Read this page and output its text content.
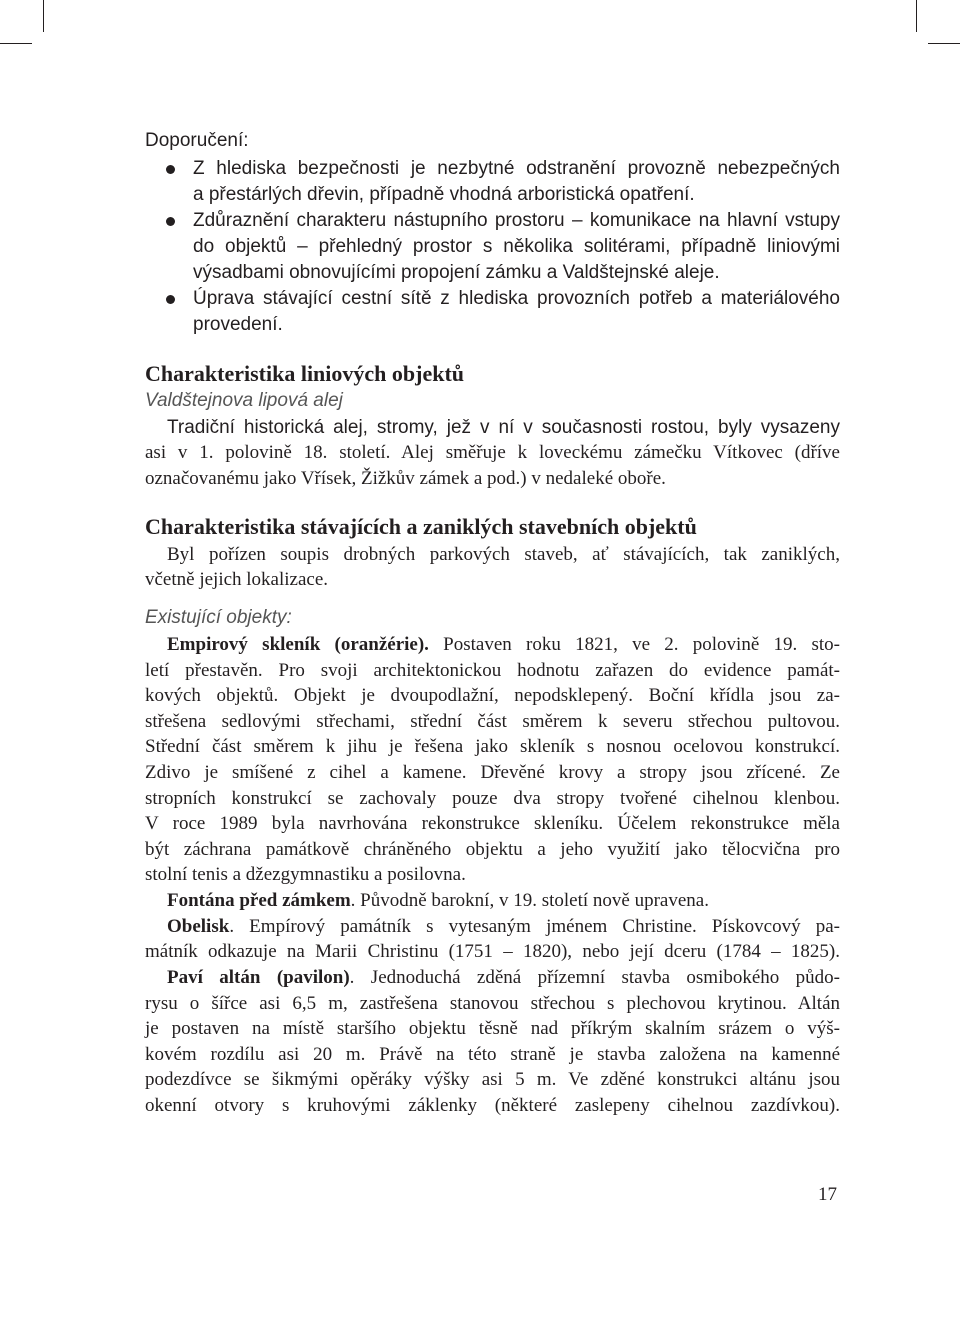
Doporučení:
Z hlediska bezpečnosti je nezbytné odstranění provozně nebezpečných
a přestárlých dřevin, případně vhodná arboristická opatření.
Zdůraznění charakteru nástupního prostoru – komunikace na hlavní vstupy
do objektů – přehledný prostor s několika solitérami, případně liniovými
výsadbami obnovujícími propojení zámku a Valdštejnské aleje.
Úprava stávající cestní sítě z hlediska provozních potřeb a materiálového
provedení.
Charakteristika liniových objektů
Valdštejnova lipová alej
Tradiční historická alej, stromy, jež v ní v současnosti rostou, byly vysazeny
asi v 1. polovině 18. století. Alej směřuje k loveckému zámečku Vítkovec (dříve
označovanému jako Vřísek, Žižkův zámek a pod.) v nedaleké oboře.
Charakteristika stávajících a zaniklých stavebních objektů
Byl pořízen soupis drobných parkových staveb, ať stávajících, tak zaniklých,
včetně jejich lokalizace.
Existující objekty:
Empirový skleník (oranžérie). Postaven roku 1821, ve 2. polovině 19. sto-
letí přestavěn. Pro svoji architektonickou hodnotu zařazen do evidence památ-
kových objektů. Objekt je dvoupodlažní, nepodsklepený. Boční křídla jsou za-
střešena sedlovými střechami, střední část směrem k severu střechou pultovou.
Střední část směrem k jihu je řešena jako skleník s nosnou ocelovou konstrukcí.
Zdivo je smíšené z cihel a kamene. Dřevěné krovy a stropy jsou zřícené. Ze
stropních konstrukcí se zachovaly pouze dva stropy tvořené cihelnou klenbou.
V roce 1989 byla navrhována rekonstrukce skleníku. Účelem rekonstrukce měla
být záchrana památkově chráněného objektu a jeho využití jako tělocvična pro
stolní tenis a džezgymnastiku a posilovna.
Fontána před zámkem. Původně barokní, v 19. století nově upravena.
Obelisk. Empírový památník s vytesaným jménem Christine. Pískovcový pa-
mátník odkazuje na Marii Christinu (1751 – 1820), nebo její dceru (1784 – 1825).
Paví altán (pavilon). Jednoduchá zděná přízemní stavba osmibokého půdo-
rysu o šířce asi 6,5 m, zastřešena stanovou střechou s plechovou krytinou. Altán
je postaven na místě staršího objektu těsně nad příkrým skalním srázem o výš-
kovém rozdílu asi 20 m. Právě na této straně je stavba založena na kamenné
podezdívce se šikmými opěráky výšky asi 5 m. Ve zděné konstrukci altánu jsou
okenní otvory s kruhovými záklenky (některé zaslepeny cihelnou zazdívkou).
17
